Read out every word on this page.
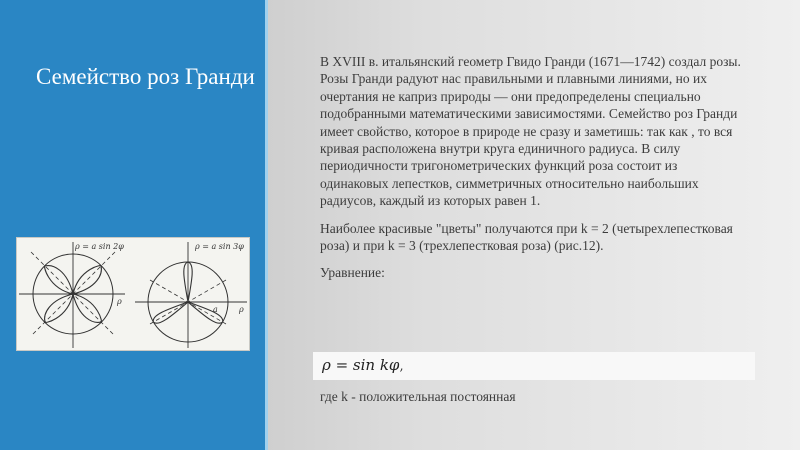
Семейство роз Гранди
ρ = a sin 2φ
ρ
ρ = a sin 3φ
ρ
a

В XVIII в. итальянский геометр Гвидо Гранди (1671—1742) создал розы. Розы Гранди радуют нас правильными и плавными линиями, но их очертания не каприз природы — они предопределены специально подобранными математическими зависимостями. Семейство роз Гранди имеет свойство, которое в природе не сразу и заметишь: так как , то вся кривая расположена внутри круга единичного радиуса. В силу периодичности тригонометрических функций роза состоит из одинаковых лепестков, симметричных относительно наибольших радиусов, каждый из которых равен 1.

Наиболее красивые "цветы" получаются при k = 2 (четырехлепестковая роза) и при k = 3 (трехлепестковая роза) (рис.12).

Уравнение:

ρ = sin kφ,
где k - положительная постоянная
